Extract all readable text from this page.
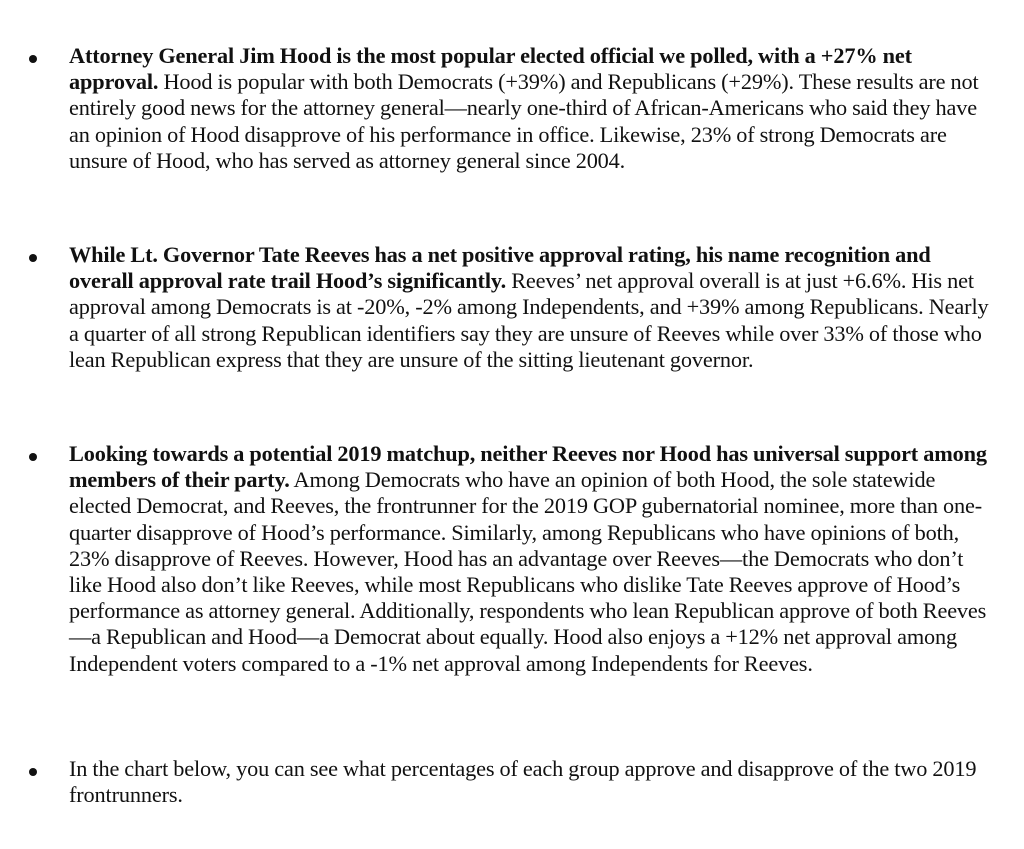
Attorney General Jim Hood is the most popular elected official we polled, with a +27% net approval. Hood is popular with both Democrats (+39%) and Republicans (+29%). These results are not entirely good news for the attorney general—nearly one-third of African-Americans who said they have an opinion of Hood disapprove of his performance in office. Likewise, 23% of strong Democrats are unsure of Hood, who has served as attorney general since 2004.

While Lt. Governor Tate Reeves has a net positive approval rating, his name recognition and overall approval rate trail Hood’s significantly. Reeves’ net approval overall is at just +6.6%. His net approval among Democrats is at -20%, -2% among Independents, and +39% among Republicans. Nearly a quarter of all strong Republican identifiers say they are unsure of Reeves while over 33% of those who lean Republican express that they are unsure of the sitting lieutenant governor.

Looking towards a potential 2019 matchup, neither Reeves nor Hood has universal support among members of their party. Among Democrats who have an opinion of both Hood, the sole statewide elected Democrat, and Reeves, the frontrunner for the 2019 GOP gubernatorial nominee, more than one-quarter disapprove of Hood’s performance. Similarly, among Republicans who have opinions of both, 23% disapprove of Reeves. However, Hood has an advantage over Reeves—the Democrats who don’t like Hood also don’t like Reeves, while most Republicans who dislike Tate Reeves approve of Hood’s performance as attorney general. Additionally, respondents who lean Republican approve of both Reeves—a Republican and Hood—a Democrat about equally. Hood also enjoys a +12% net approval among Independent voters compared to a -1% net approval among Independents for Reeves.

In the chart below, you can see what percentages of each group approve and disapprove of the two 2019 frontrunners.
